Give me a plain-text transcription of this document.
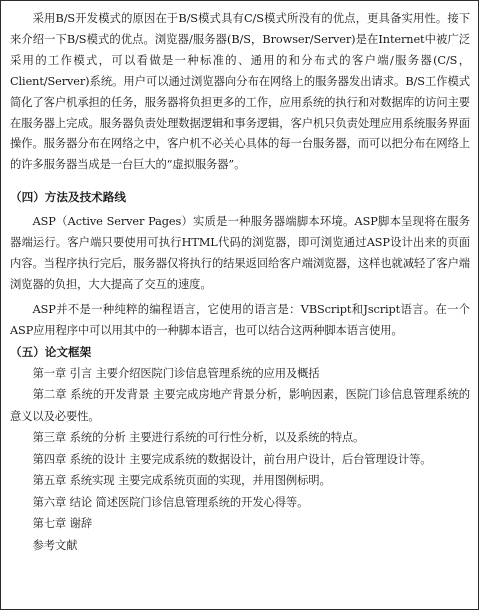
采用B/S开发模式的原因在于B/S模式具有C/S模式所没有的优点，更具备实用性。接下来介绍一下B/S模式的优点。浏览器/服务器(B/S，Browser/Server)是在Internet中被广泛采用的工作模式，可以看做是一种标准的、通用的和分布式的客户端/服务器(C/S，Client/Server)系统。用户可以通过浏览器向分布在网络上的服务器发出请求。B/S工作模式简化了客户机承担的任务，服务器将负担更多的工作，应用系统的执行和对数据库的访问主要在服务器上完成。服务器负责处理数据逻辑和事务逻辑，客户机只负责处理应用系统服务界面操作。服务器分布在网络之中，客户机不必关心具体的每一台服务器，而可以把分布在网络上的许多服务器当成是一台巨大的“虚拟服务器”。

（四）方法及技术路线

ASP（Active Server Pages）实质是一种服务器端脚本环境。ASP脚本呈现将在服务器端运行。客户端只要使用可执行HTML代码的浏览器，即可浏览通过ASP设计出来的页面内容。当程序执行完后，服务器仅将执行的结果返回给客户端浏览器，这样也就减轻了客户端浏览器的负担，大大提高了交互的速度。

ASP并不是一种纯粹的编程语言，它使用的语言是：VBScript和Jscript语言。在一个ASP应用程序中可以用其中的一种脚本语言，也可以结合这两种脚本语言使用。

（五）论文框架

第一章 引言 主要介绍医院门诊信息管理系统的应用及概括

第二章 系统的开发背景 主要完成房地产背景分析，影响因素，医院门诊信息管理系统的意义以及必要性。

第三章 系统的分析 主要进行系统的可行性分析，以及系统的特点。

第四章 系统的设计 主要完成系统的数据设计，前台用户设计，后台管理设计等。

第五章 系统实现 主要完成系统页面的实现，并用图例标明。

第六章 结论 简述医院门诊信息管理系统的开发心得等。

第七章 谢辞

参考文献
